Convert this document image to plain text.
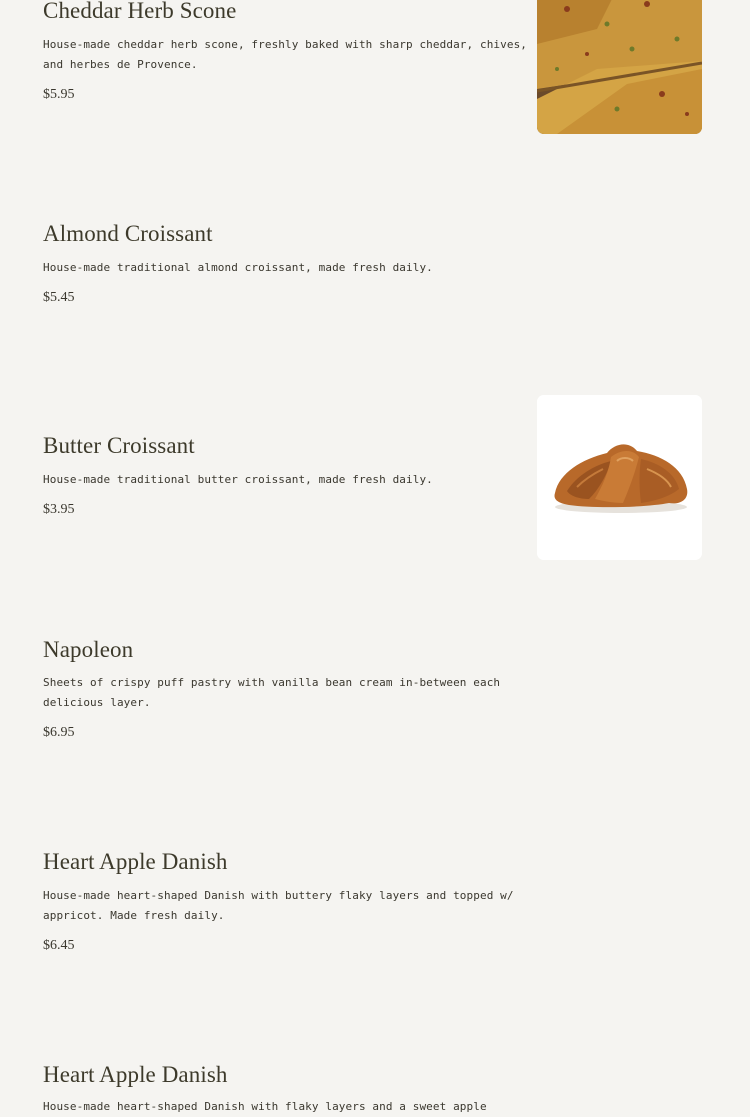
Cheddar Herb Scone

House-made cheddar herb scone, freshly baked with sharp cheddar, chives, and herbes de Provence.

$5.95

Almond Croissant

House-made traditional almond croissant, made fresh daily.

$5.45

Butter Croissant

House-made traditional butter croissant, made fresh daily.

$3.95

Napoleon

Sheets of crispy puff pastry with vanilla bean cream in-between each delicious layer.

$6.95

Heart Apple Danish

House-made heart-shaped Danish with buttery flaky layers and topped w/ appricot. Made fresh daily.

$6.45

Heart Apple Danish

House-made heart-shaped Danish with flaky layers and a sweet apple
